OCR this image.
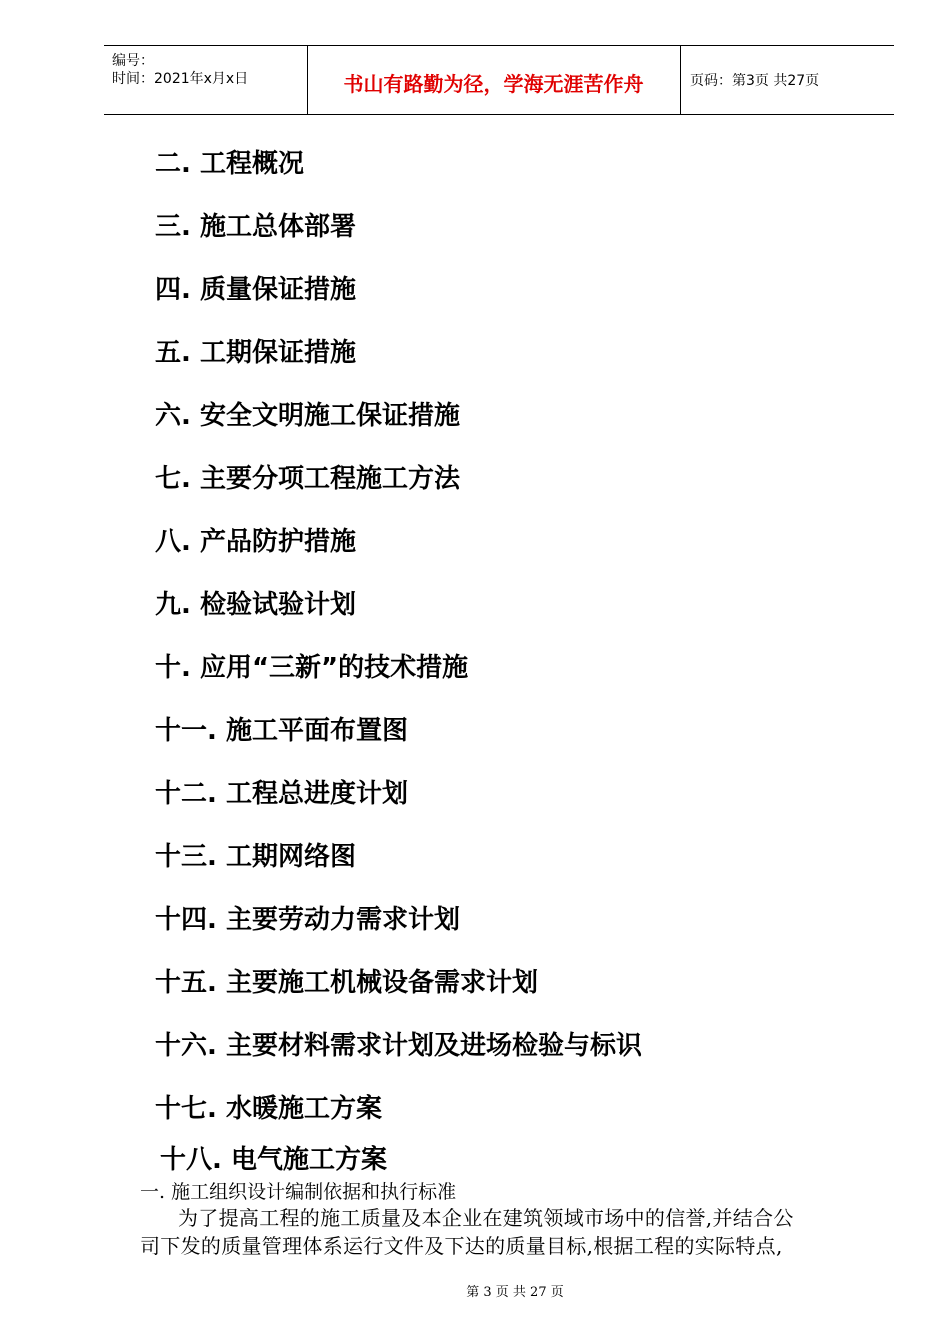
编号：
时间：2021年x月x日	书山有路勤为径，学海无涯苦作舟	页码：第3页 共27页
二. 工程概况
三. 施工总体部署
四. 质量保证措施
五. 工期保证措施
六. 安全文明施工保证措施
七. 主要分项工程施工方法
八. 产品防护措施
九. 检验试验计划
十. 应用“三新”的技术措施
十一. 施工平面布置图
十二. 工程总进度计划
十三. 工期网络图
十四. 主要劳动力需求计划
十五. 主要施工机械设备需求计划
十六. 主要材料需求计划及进场检验与标识
十七. 水暖施工方案
十八. 电气施工方案
一. 施工组织设计编制依据和执行标准

为了提高工程的施工质量及本企业在建筑领域市场中的信誉,并结合公

司下发的质量管理体系运行文件及下达的质量目标,根据工程的实际特点,

第 3 页 共 27 页
